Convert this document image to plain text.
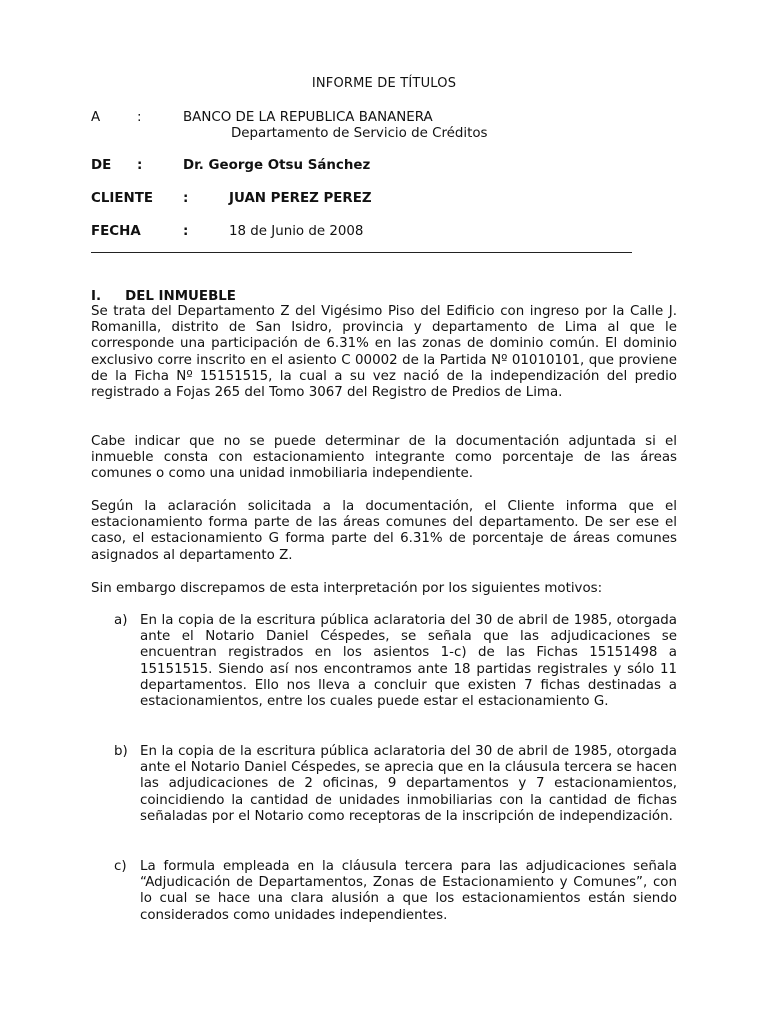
INFORME DE TÍTULOS
A	:	BANCO DE LA REPUBLICA BANANERA
Departamento de Servicio de Créditos
DE :	Dr. George Otsu Sánchez
CLIENTE :	JUAN PEREZ PEREZ
FECHA	:	18 de Junio de 2008
I. DEL INMUEBLE

Se trata del Departamento Z del Vigésimo Piso del Edificio con ingreso por la Calle J. Romanilla, distrito de San Isidro, provincia y departamento de Lima al que le corresponde una participación de 6.31% en las zonas de dominio común. El dominio exclusivo corre inscrito en el asiento C 00002 de la Partida Nº 01010101, que proviene de la Ficha Nº 15151515, la cual a su vez nació de la independización del predio registrado a Fojas 265 del Tomo 3067 del Registro de Predios de Lima.

Cabe indicar que no se puede determinar de la documentación adjuntada si el inmueble consta con estacionamiento integrante como porcentaje de las áreas comunes o como una unidad inmobiliaria independiente.

Según la aclaración solicitada a la documentación, el Cliente informa que el estacionamiento forma parte de las áreas comunes del departamento. De ser ese el caso, el estacionamiento G forma parte del 6.31% de porcentaje de áreas comunes asignados al departamento Z.

Sin embargo discrepamos de esta interpretación por los siguientes motivos:

a) En la copia de la escritura pública aclaratoria del 30 de abril de 1985, otorgada ante el Notario Daniel Céspedes, se señala que las adjudicaciones se encuentran registrados en los asientos 1-c) de las Fichas 15151498 a 15151515. Siendo así nos encontramos ante 18 partidas registrales y sólo 11 departamentos. Ello nos lleva a concluir que existen 7 fichas destinadas a estacionamientos, entre los cuales puede estar el estacionamiento G.
b) En la copia de la escritura pública aclaratoria del 30 de abril de 1985, otorgada ante el Notario Daniel Céspedes, se aprecia que en la cláusula tercera se hacen las adjudicaciones de 2 oficinas, 9 departamentos y 7 estacionamientos, coincidiendo la cantidad de unidades inmobiliarias con la cantidad de fichas señaladas por el Notario como receptoras de la inscripción de independización.
c) La formula empleada en la cláusula tercera para las adjudicaciones señala “Adjudicación de Departamentos, Zonas de Estacionamiento y Comunes”, con lo cual se hace una clara alusión a que los estacionamientos están siendo considerados como unidades independientes.
